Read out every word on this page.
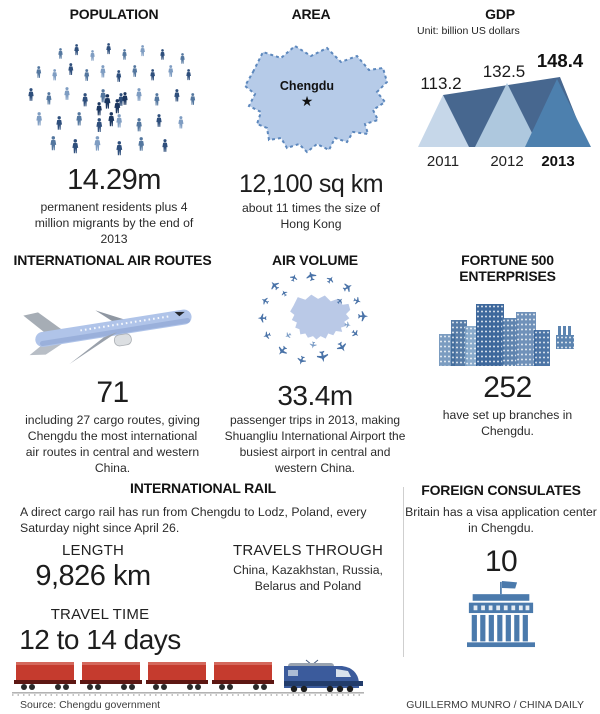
POPULATION
14.29m
permanent residents plus 4 million migrants by the end of 2013
AREA
Chengdu
★
12,100 sq km
about 11 times the size of Hong Kong
GDP
Unit: billion US dollars
113.2
132.5
148.4
2011 2012 2013
INTERNATIONAL AIR ROUTES
71
including 27 cargo routes, giving Chengdu the most international air routes in central and western China.
AIR VOLUME
33.4m
passenger trips in 2013, making Shuangliu International Airport the busiest airport in central and western China.
FORTUNE 500 ENTERPRISES
252
have set up branches in Chengdu.
INTERNATIONAL RAIL
A direct cargo rail has run from Chengdu to Lodz, Poland, every Saturday night since April 26.
LENGTH
9,826 km
TRAVELS THROUGH
China, Kazakhstan, Russia, Belarus and Poland
TRAVEL TIME
12 to 14 days
FOREIGN CONSULATES
Britain has a visa application center in Chengdu.
10
Source: Chengdu government	GUILLERMO MUNRO / CHINA DAILY
